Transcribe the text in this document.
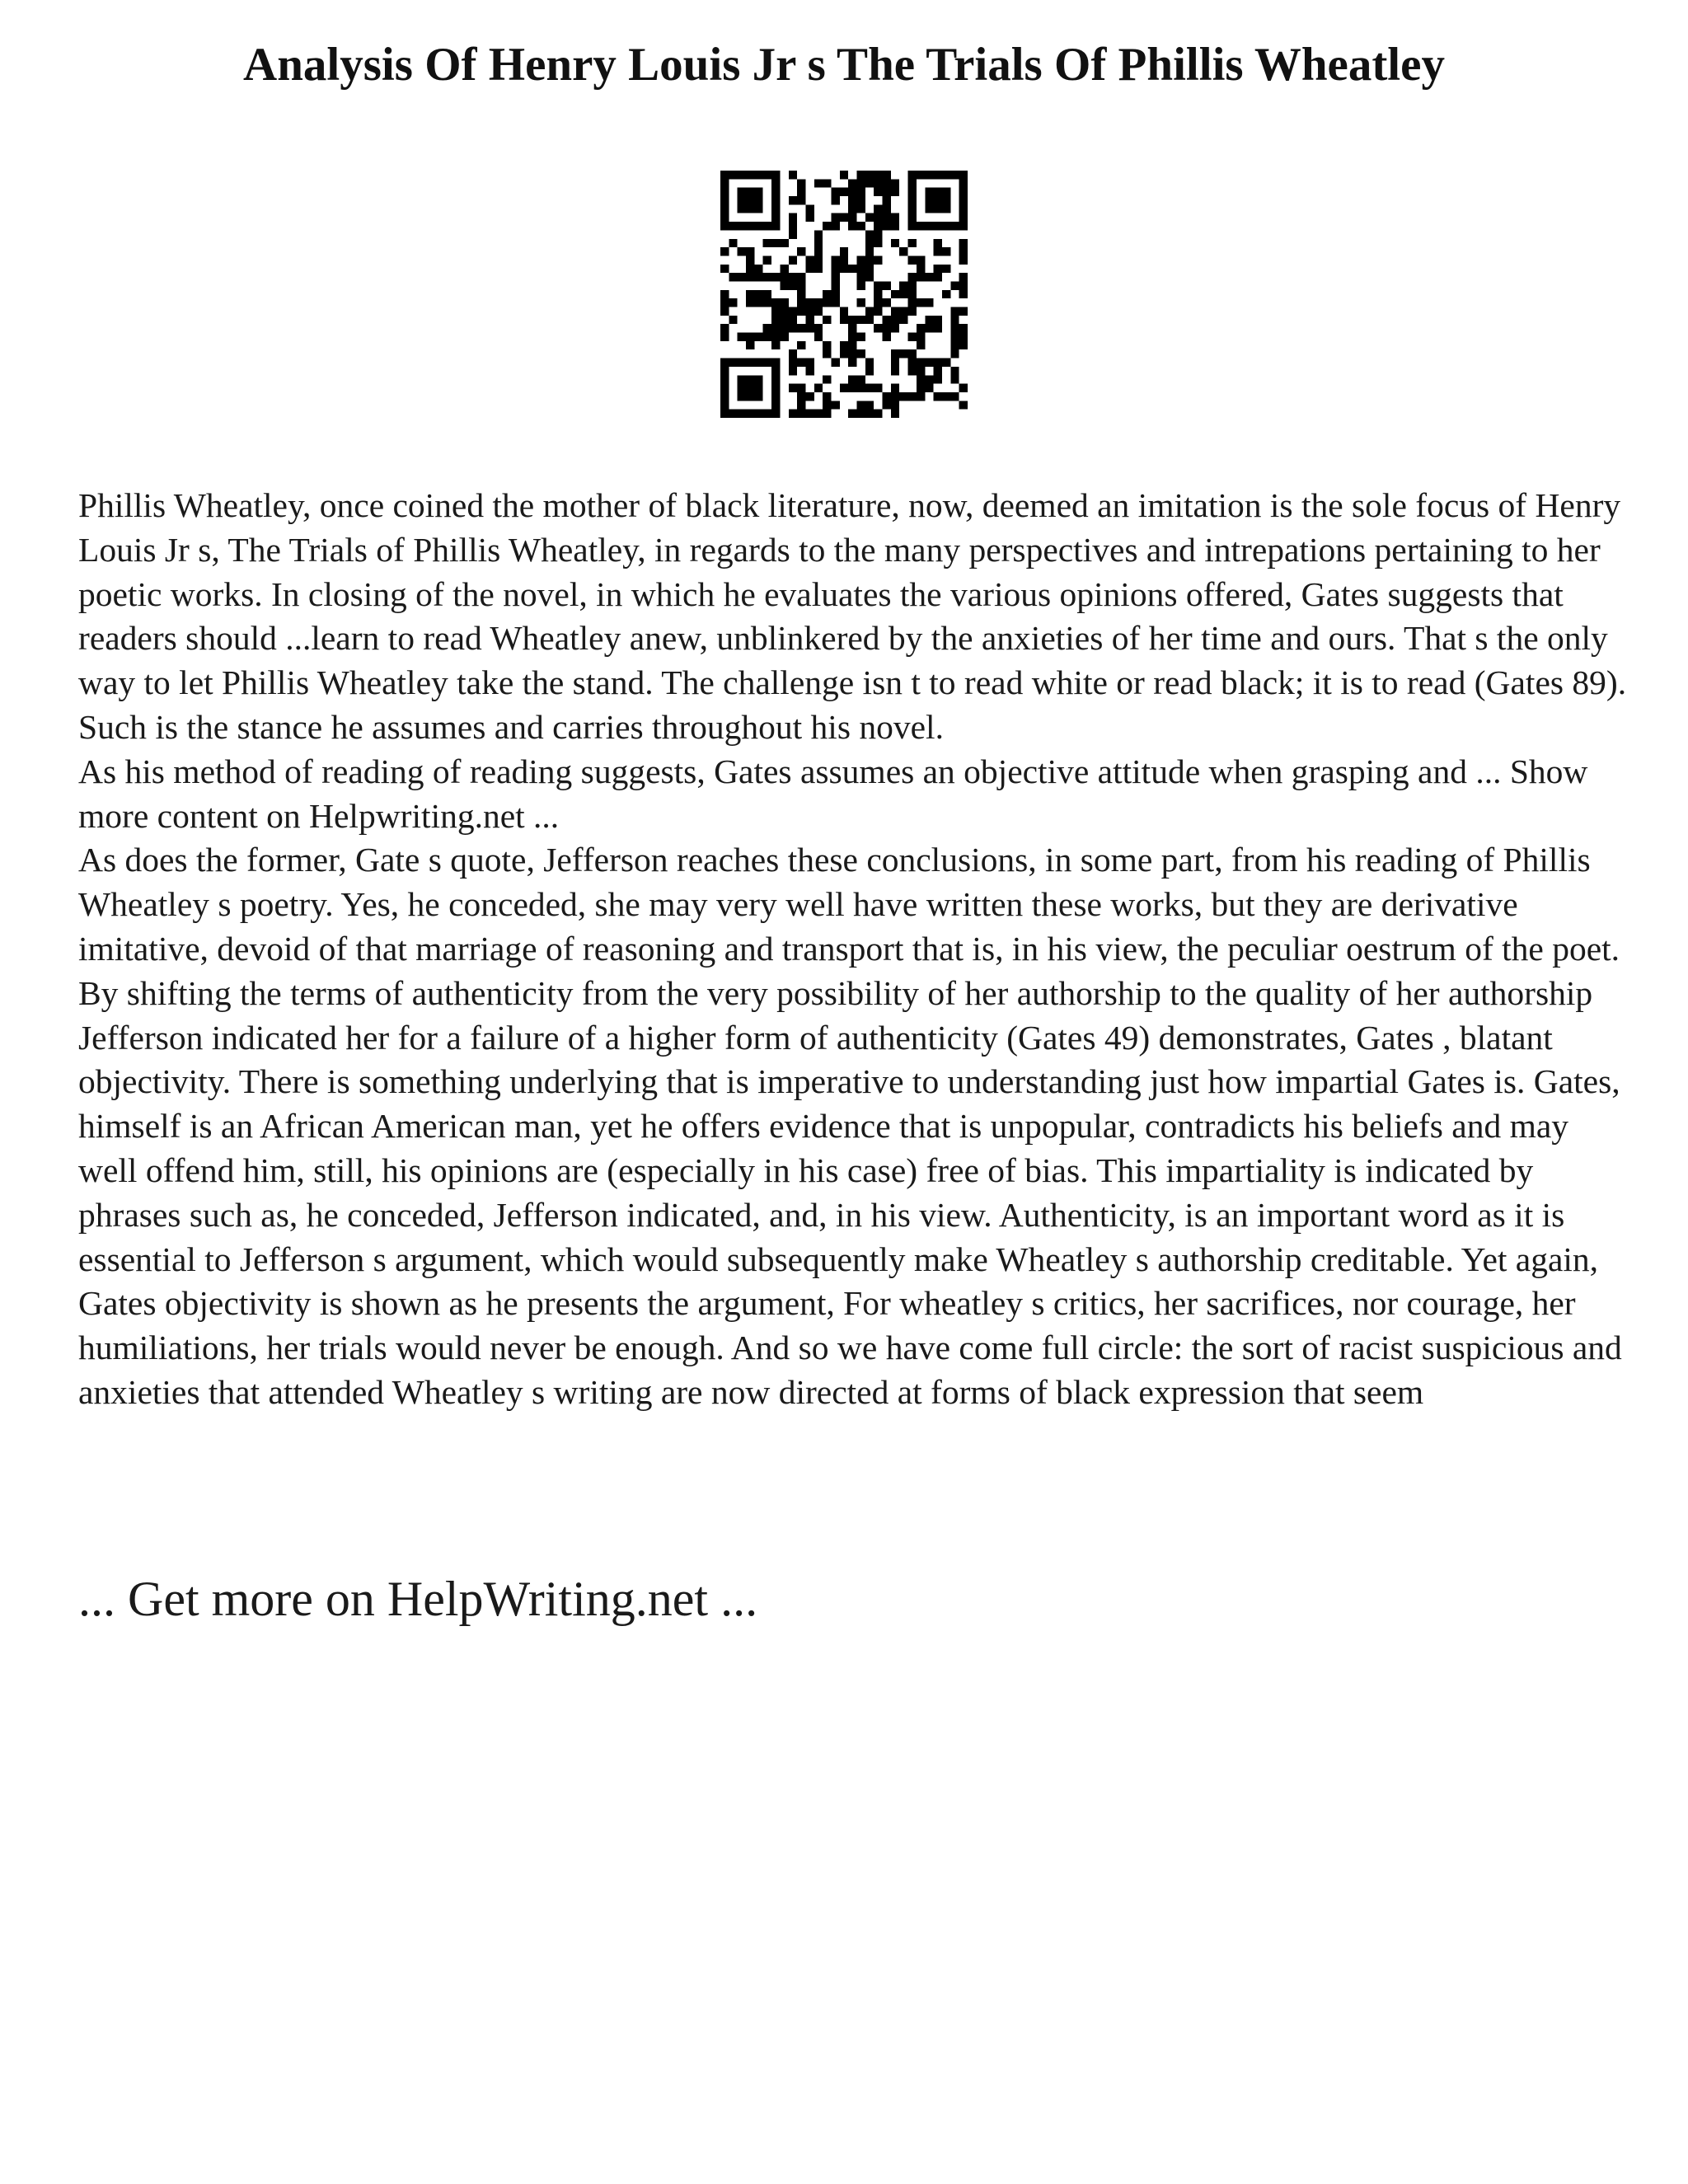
Analysis Of Henry Louis Jr s The Trials Of Phillis Wheatley

Phillis Wheatley, once coined the mother of black literature, now, deemed an imitation is the sole focus of Henry Louis Jr s, The Trials of Phillis Wheatley, in regards to the many perspectives and intrepations pertaining to her poetic works. In closing of the novel, in which he evaluates the various opinions offered, Gates suggests that readers should ...learn to read Wheatley anew, unblinkered by the anxieties of her time and ours. That s the only way to let Phillis Wheatley take the stand. The challenge isn t to read white or read black; it is to read (Gates 89). Such is the stance he assumes and carries throughout his novel.

As his method of reading of reading suggests, Gates assumes an objective attitude when grasping and ... Show more content on Helpwriting.net ...

As does the former, Gate s quote, Jefferson reaches these conclusions, in some part, from his reading of Phillis Wheatley s poetry. Yes, he conceded, she may very well have written these works, but they are derivative imitative, devoid of that marriage of reasoning and transport that is, in his view, the peculiar oestrum of the poet. By shifting the terms of authenticity from the very possibility of her authorship to the quality of her authorship Jefferson indicated her for a failure of a higher form of authenticity (Gates 49) demonstrates, Gates , blatant objectivity. There is something underlying that is imperative to understanding just how impartial Gates is. Gates, himself is an African American man, yet he offers evidence that is unpopular, contradicts his beliefs and may well offend him, still, his opinions are (especially in his case) free of bias. This impartiality is indicated by phrases such as, he conceded, Jefferson indicated, and, in his view. Authenticity, is an important word as it is essential to Jefferson s argument, which would subsequently make Wheatley s authorship creditable. Yet again, Gates objectivity is shown as he presents the argument, For wheatley s critics, her sacrifices, nor courage, her humiliations, her trials would never be enough. And so we have come full circle: the sort of racist suspicious and anxieties that attended Wheatley s writing are now directed at forms of black expression that seem

... Get more on HelpWriting.net ...
